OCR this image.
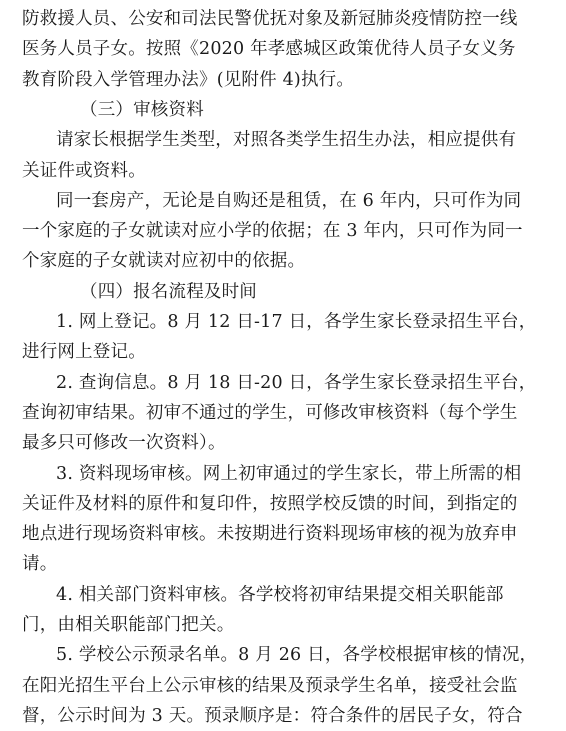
防救援人员、公安和司法民警优抚对象及新冠肺炎疫情防控一线
医务人员子女。按照《2020 年孝感城区政策优待人员子女义务
教育阶段入学管理办法》(见附件 4)执行。
（三）审核资料
请家长根据学生类型，对照各类学生招生办法，相应提供有
关证件或资料。
同一套房产，无论是自购还是租赁，在 6 年内，只可作为同
一个家庭的子女就读对应小学的依据；在 3 年内，只可作为同一
个家庭的子女就读对应初中的依据。
（四）报名流程及时间
1. 网上登记。8 月 12 日-17 日，各学生家长登录招生平台，
进行网上登记。
2. 查询信息。8 月 18 日-20 日，各学生家长登录招生平台，
查询初审结果。初审不通过的学生，可修改审核资料（每个学生
最多只可修改一次资料）。
3. 资料现场审核。网上初审通过的学生家长，带上所需的相
关证件及材料的原件和复印件，按照学校反馈的时间，到指定的
地点进行现场资料审核。未按期进行资料现场审核的视为放弃申
请。
4. 相关部门资料审核。各学校将初审结果提交相关职能部
门，由相关职能部门把关。
5. 学校公示预录名单。8 月 26 日，各学校根据审核的情况，
在阳光招生平台上公示审核的结果及预录学生名单，接受社会监
督，公示时间为 3 天。预录顺序是：符合条件的居民子女，符合
